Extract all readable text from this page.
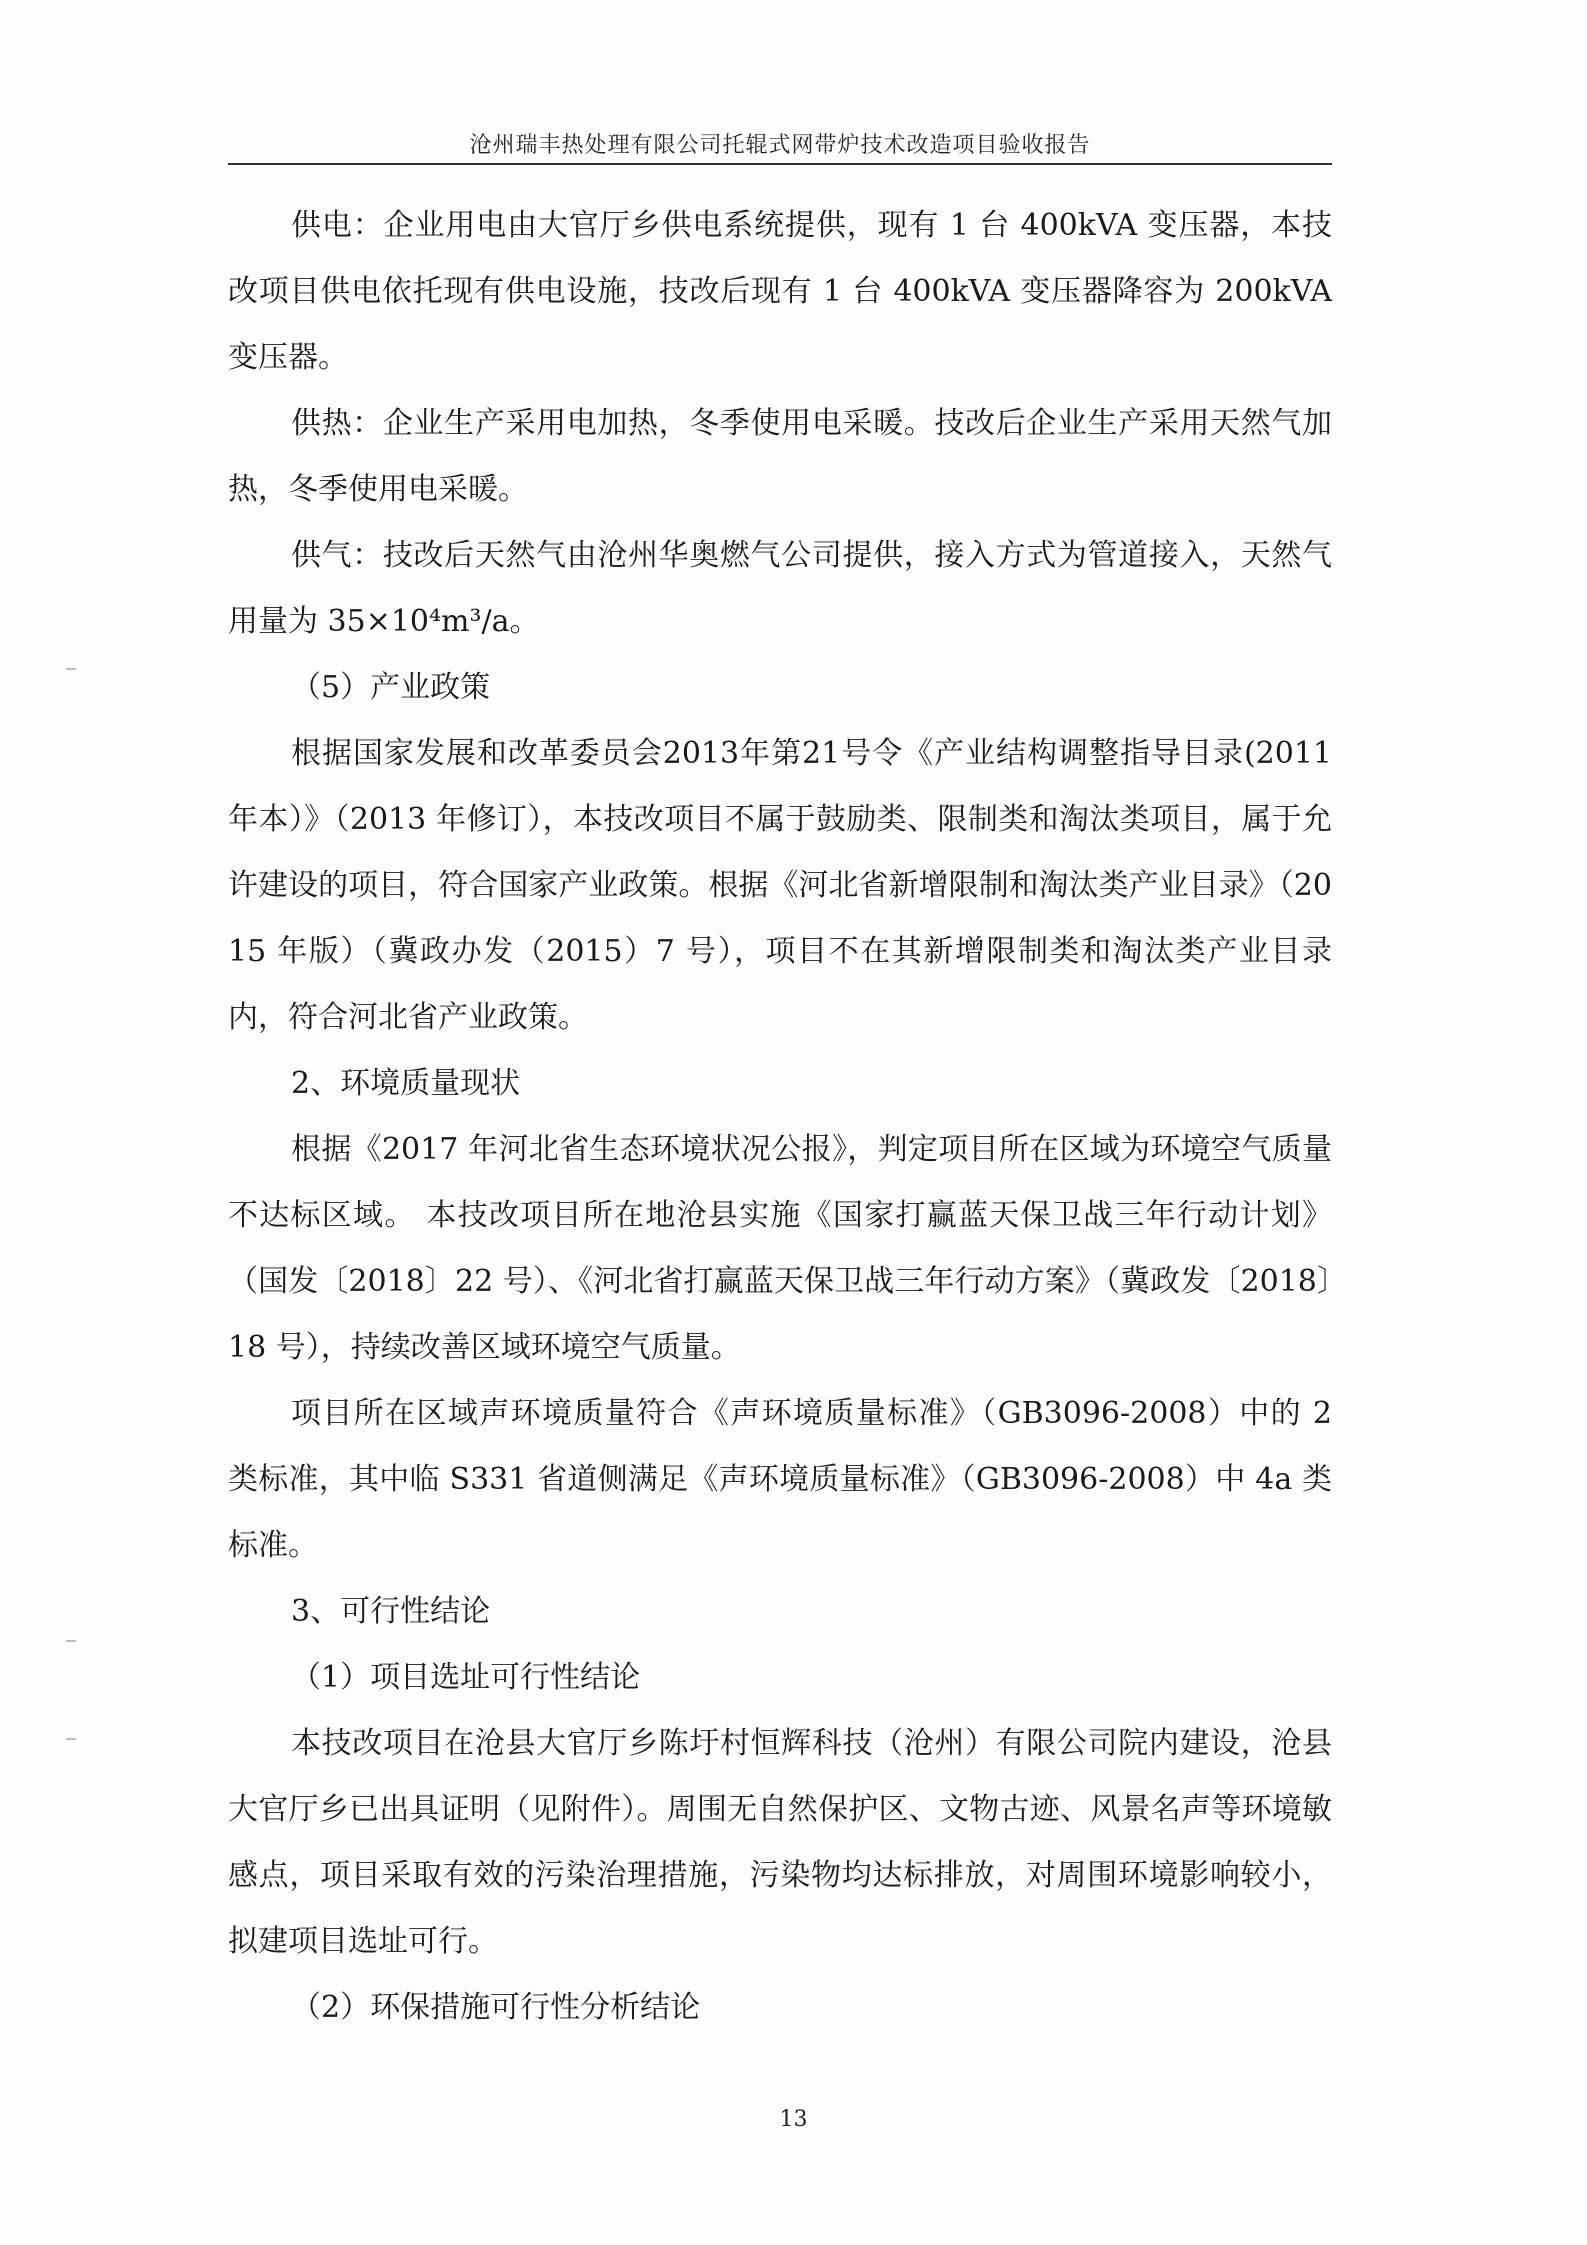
沧州瑞丰热处理有限公司托辊式网带炉技术改造项目验收报告

供电：企业用电由大官厅乡供电系统提供，现有 1 台 400kVA 变压器，本技改项目供电依托现有供电设施，技改后现有 1 台 400kVA 变压器降容为 200kVA 变压器。

供热：企业生产采用电加热，冬季使用电采暖。技改后企业生产采用天然气加热，冬季使用电采暖。

供气：技改后天然气由沧州华奥燃气公司提供，接入方式为管道接入，天然气用量为 35×10⁴m³/a。

（5）产业政策

根据国家发展和改革委员会2013年第21号令《产业结构调整指导目录(2011年本）》（2013 年修订），本技改项目不属于鼓励类、限制类和淘汰类项目，属于允许建设的项目，符合国家产业政策。根据《河北省新增限制和淘汰类产业目录》（2015 年版）（冀政办发（2015）7 号），项目不在其新增限制类和淘汰类产业目录内，符合河北省产业政策。

2、环境质量现状

根据《2017 年河北省生态环境状况公报》，判定项目所在区域为环境空气质量不达标区域。 本技改项目所在地沧县实施《国家打赢蓝天保卫战三年行动计划》（国发〔2018〕22 号）、《河北省打赢蓝天保卫战三年行动方案》（冀政发〔2018〕18 号），持续改善区域环境空气质量。

项目所在区域声环境质量符合《声环境质量标准》（GB3096-2008）中的 2 类标准，其中临 S331 省道侧满足《声环境质量标准》（GB3096-2008）中 4a 类标准。

3、可行性结论

（1）项目选址可行性结论

本技改项目在沧县大官厅乡陈圩村恒辉科技（沧州）有限公司院内建设，沧县大官厅乡已出具证明（见附件）。周围无自然保护区、文物古迹、风景名声等环境敏感点，项目采取有效的污染治理措施，污染物均达标排放，对周围环境影响较小，拟建项目选址可行。

（2）环保措施可行性分析结论

13
